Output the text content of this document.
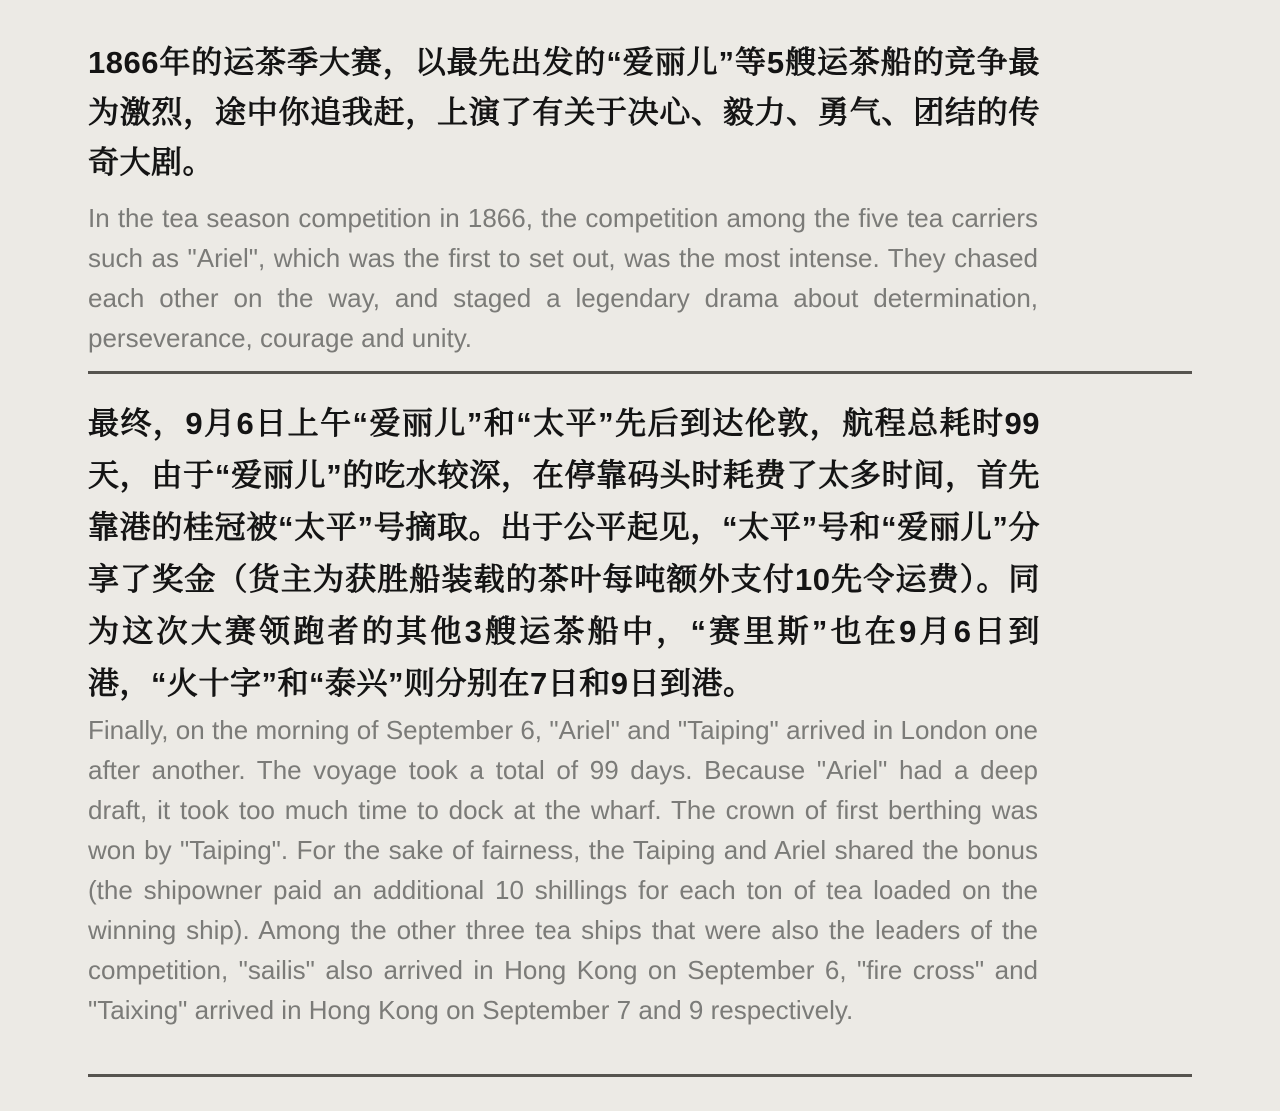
1866年的运茶季大赛，以最先出发的“爱丽儿”等5艘运茶船的竞争最为激烈，途中你追我赶，上演了有关于决心、毅力、勇气、团结的传奇大剧。

In the tea season competition in 1866, the competition among the five tea carriers such as "Ariel", which was the first to set out, was the most intense. They chased each other on the way, and staged a legendary drama about determination, perseverance, courage and unity.

最终，9月6日上午“爱丽儿”和“太平”先后到达伦敦，航程总耗时99天，由于“爱丽儿”的吃水较深，在停靠码头时耗费了太多时间，首先靠港的桂冠被“太平”号摘取。出于公平起见，“太平”号和“爱丽儿”分享了奖金（货主为获胜船装载的茶叶每吨额外支付10先令运费）。同为这次大赛领跑者的其他3艘运茶船中，“赛里斯”也在9月6日到港，“火十字”和“泰兴”则分别在7日和9日到港。

Finally, on the morning of September 6, "Ariel" and "Taiping" arrived in London one after another. The voyage took a total of 99 days. Because "Ariel" had a deep draft, it took too much time to dock at the wharf. The crown of first berthing was won by "Taiping". For the sake of fairness, the Taiping and Ariel shared the bonus (the shipowner paid an additional 10 shillings for each ton of tea loaded on the winning ship). Among the other three tea ships that were also the leaders of the competition, "sailis" also arrived in Hong Kong on September 6, "fire cross" and "Taixing" arrived in Hong Kong on September 7 and 9 respectively.
